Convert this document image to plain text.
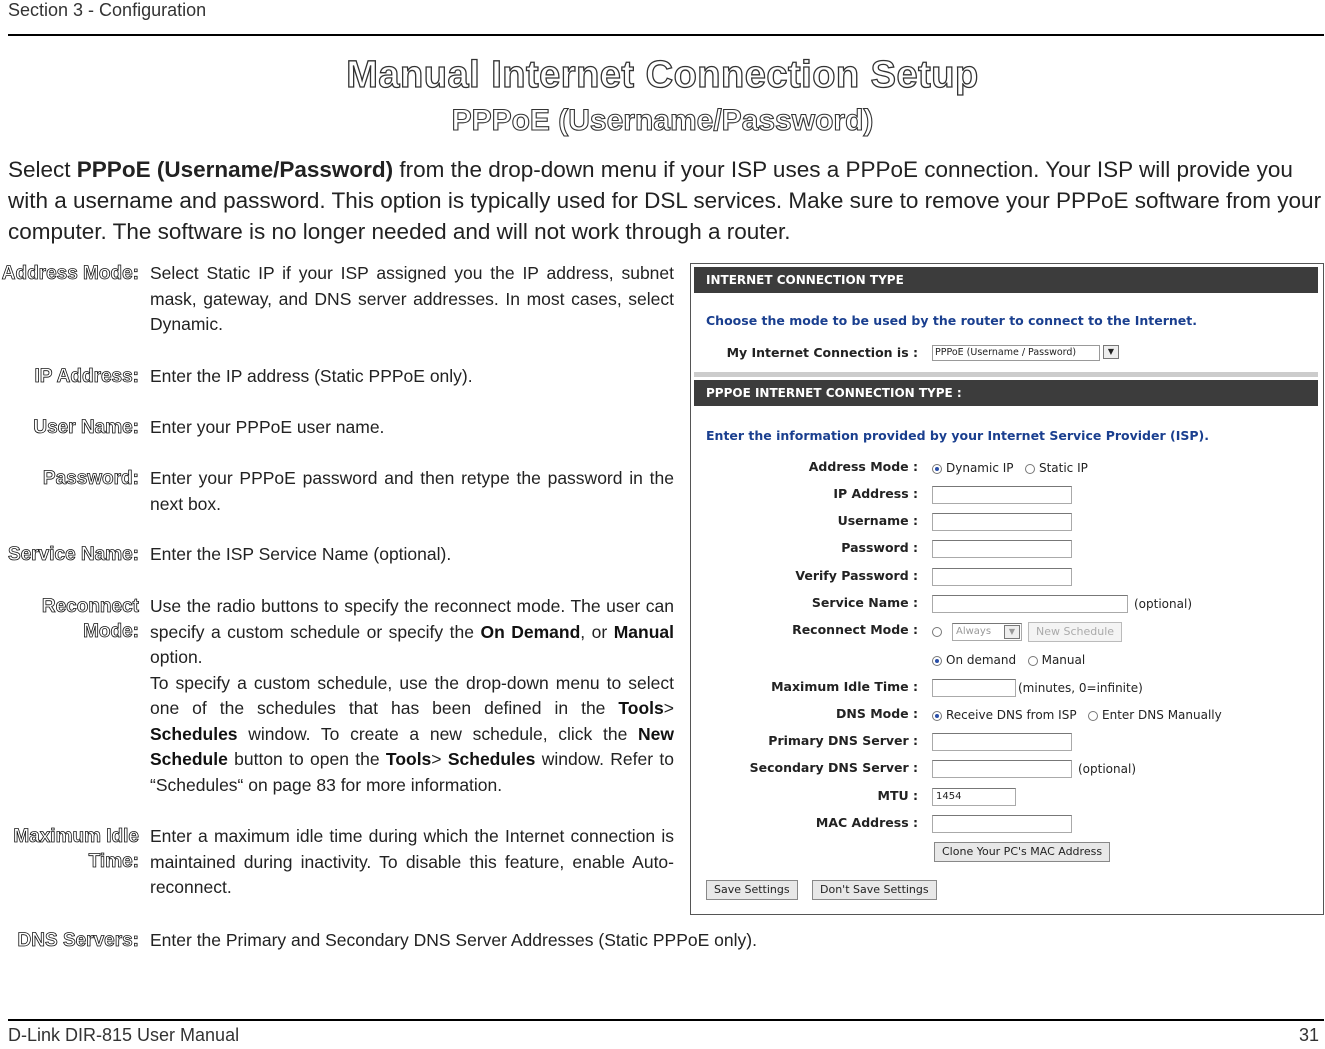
Section 3 - Configuration
Manual Internet Connection Setup
PPPoE (Username/Password)
Select PPPoE (Username/Password) from the drop-down menu if your ISP uses a PPPoE connection. Your ISP will provide you with a username and password. This option is typically used for DSL services. Make sure to remove your PPPoE software from your computer. The software is no longer needed and will not work through a router.
Address Mode: Select Static IP if your ISP assigned you the IP address, subnet mask, gateway, and DNS server addresses. In most cases, select Dynamic.
IP Address: Enter the IP address (Static PPPoE only).
User Name: Enter your PPPoE user name.
Password: Enter your PPPoE password and then retype the password in the next box.
Service Name: Enter the ISP Service Name (optional).
Reconnect Mode:
Use the radio buttons to specify the reconnect mode. The user can specify a custom schedule or specify the On Demand, or Manual option.
To specify a custom schedule, use the drop-down menu to select one of the schedules that has been defined in the Tools> Schedules window. To create a new schedule, click the New Schedule button to open the Tools> Schedules window. Refer to “Schedules“ on page 83 for more information.
Maximum Idle Time:
Enter a maximum idle time during which the Internet connection is maintained during inactivity. To disable this feature, enable Auto-reconnect.
DNS Servers: Enter the Primary and Secondary DNS Server Addresses (Static PPPoE only).
INTERNET CONNECTION TYPE
Choose the mode to be used by the router to connect to the Internet.
My Internet Connection is :	PPPoE (Username / Password)	▼
PPPOE INTERNET CONNECTION TYPE :
Enter the information provided by your Internet Service Provider (ISP).
Address Mode :	Dynamic IP Static IP
IP Address :
Username :
Password :
Verify Password :
Service Name :	(optional)
Reconnect Mode :	Always	▼	New Schedule
On demand Manual
Maximum Idle Time :	(minutes, 0=infinite)
DNS Mode :	Receive DNS from ISP Enter DNS Manually
Primary DNS Server :
Secondary DNS Server :	(optional)
MTU :	1454
MAC Address :
Clone Your PC's MAC Address
Save Settings	Don't Save Settings
D-Link DIR-815 User Manual	31
